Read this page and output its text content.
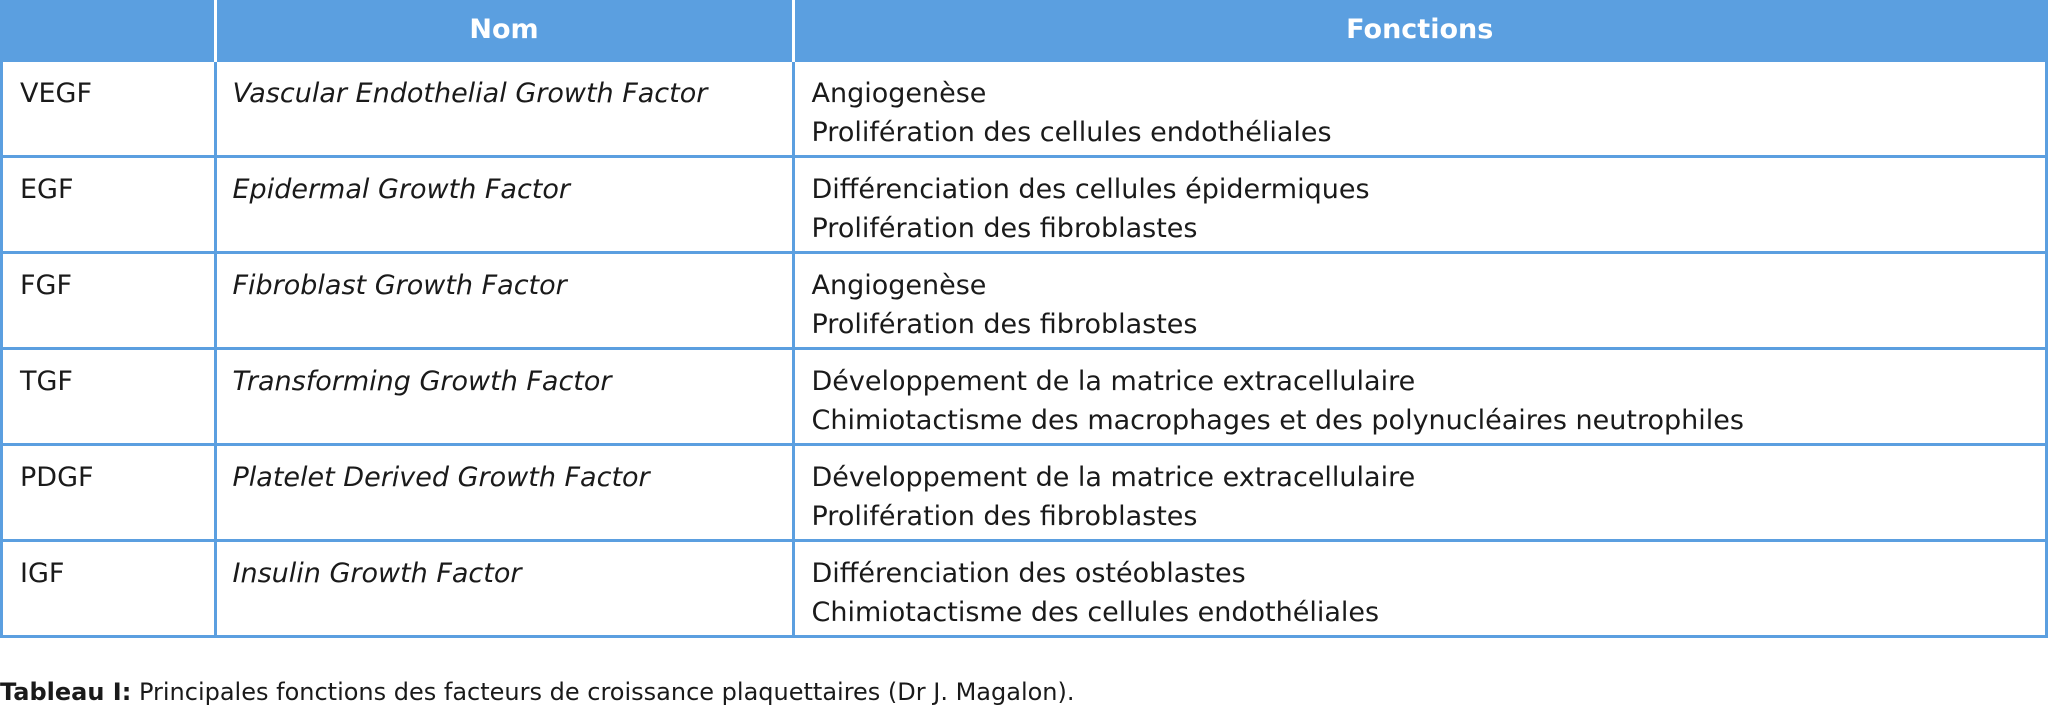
	Nom	Fonctions
VEGF	Vascular Endothelial Growth Factor	Angiogenèse
Prolifération des cellules endothéliales

EGF	Epidermal Growth Factor	Différenciation des cellules épidermiques
Prolifération des fibroblastes

FGF	Fibroblast Growth Factor	Angiogenèse
Prolifération des fibroblastes

TGF	Transforming Growth Factor	Développement de la matrice extracellulaire
Chimiotactisme des macrophages et des polynucléaires neutrophiles

PDGF	Platelet Derived Growth Factor	Développement de la matrice extracellulaire
Prolifération des fibroblastes

IGF	Insulin Growth Factor	Différenciation des ostéoblastes
Chimiotactisme des cellules endothéliales
Tableau I: Principales fonctions des facteurs de croissance plaquettaires (Dr J. Magalon).
